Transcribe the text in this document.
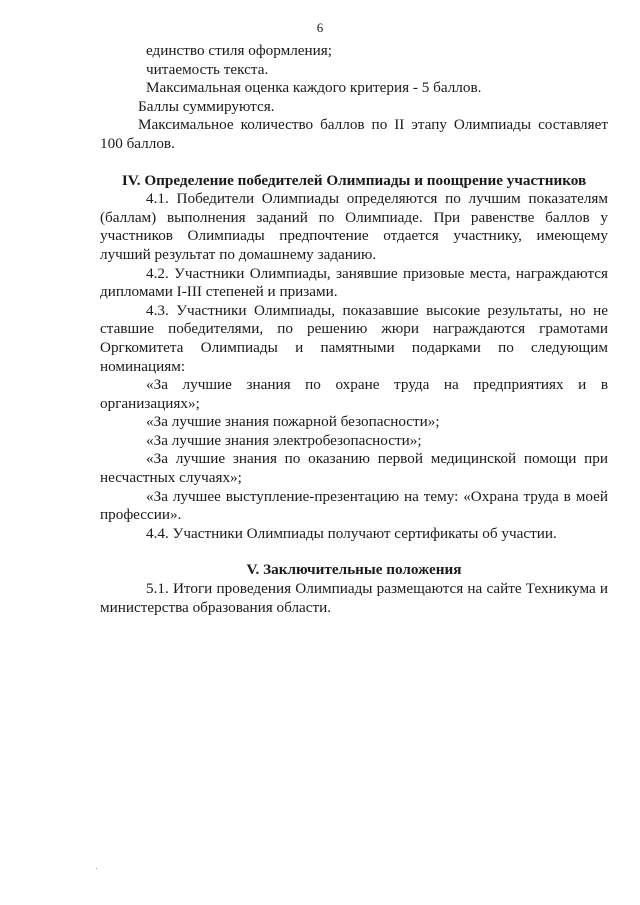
6

единство стиля оформления;

читаемость текста.

Максимальная оценка каждого критерия - 5 баллов.

Баллы суммируются.

Максимальное количество баллов по II этапу Олимпиады составляет 100 баллов.

IV. Определение победителей Олимпиады и поощрение участников

4.1. Победители Олимпиады определяются по лучшим показателям (баллам) выполнения заданий по Олимпиаде. При равенстве баллов у участников Олимпиады предпочтение отдается участнику, имеющему лучший результат по домашнему заданию.

4.2. Участники Олимпиады, занявшие призовые места, награждаются дипломами I-III степеней и призами.

4.3. Участники Олимпиады, показавшие высокие результаты, но не ставшие победителями, по решению жюри награждаются грамотами Оргкомитета Олимпиады и памятными подарками по следующим номинациям:

«За лучшие знания по охране труда на предприятиях и в организациях»;

«За лучшие знания пожарной безопасности»;

«За лучшие знания электробезопасности»;

«За лучшие знания по оказанию первой медицинской помощи при несчастных случаях»;

«За лучшее выступление-презентацию на тему: «Охрана труда в моей профессии».

4.4. Участники Олимпиады получают сертификаты об участии.

V. Заключительные положения

5.1. Итоги проведения Олимпиады размещаются на сайте Техникума и министерства образования области.
